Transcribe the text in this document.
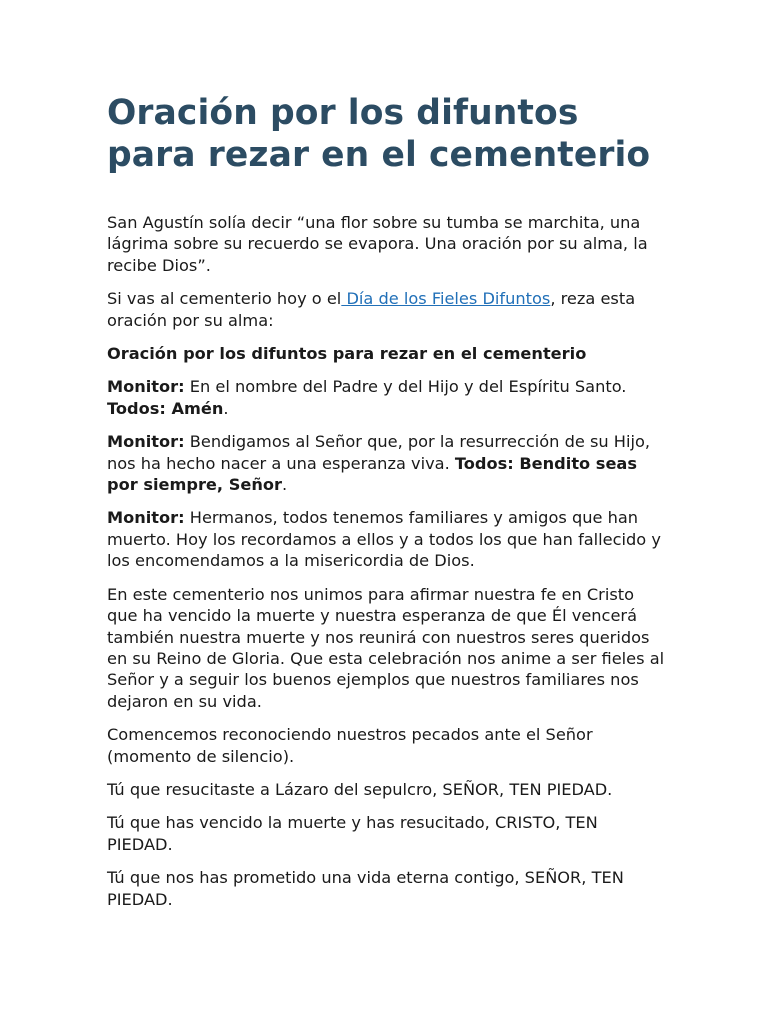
Oración por los difuntos
para rezar en el cementerio

San Agustín solía decir “una flor sobre su tumba se marchita, una lágrima sobre su recuerdo se evapora. Una oración por su alma, la recibe Dios”.

Si vas al cementerio hoy o el Día de los Fieles Difuntos, reza esta oración por su alma:

Oración por los difuntos para rezar en el cementerio

Monitor: En el nombre del Padre y del Hijo y del Espíritu Santo. Todos: Amén.

Monitor: Bendigamos al Señor que, por la resurrección de su Hijo, nos ha hecho nacer a una esperanza viva. Todos: Bendito seas por siempre, Señor.

Monitor: Hermanos, todos tenemos familiares y amigos que han muerto. Hoy los recordamos a ellos y a todos los que han fallecido y los encomendamos a la misericordia de Dios.

En este cementerio nos unimos para afirmar nuestra fe en Cristo que ha vencido la muerte y nuestra esperanza de que Él vencerá también nuestra muerte y nos reunirá con nuestros seres queridos en su Reino de Gloria. Que esta celebración nos anime a ser fieles al Señor y a seguir los buenos ejemplos que nuestros familiares nos dejaron en su vida.

Comencemos reconociendo nuestros pecados ante el Señor (momento de silencio).

Tú que resucitaste a Lázaro del sepulcro, SEÑOR, TEN PIEDAD.

Tú que has vencido la muerte y has resucitado, CRISTO, TEN PIEDAD.

Tú que nos has prometido una vida eterna contigo, SEÑOR, TEN PIEDAD.
